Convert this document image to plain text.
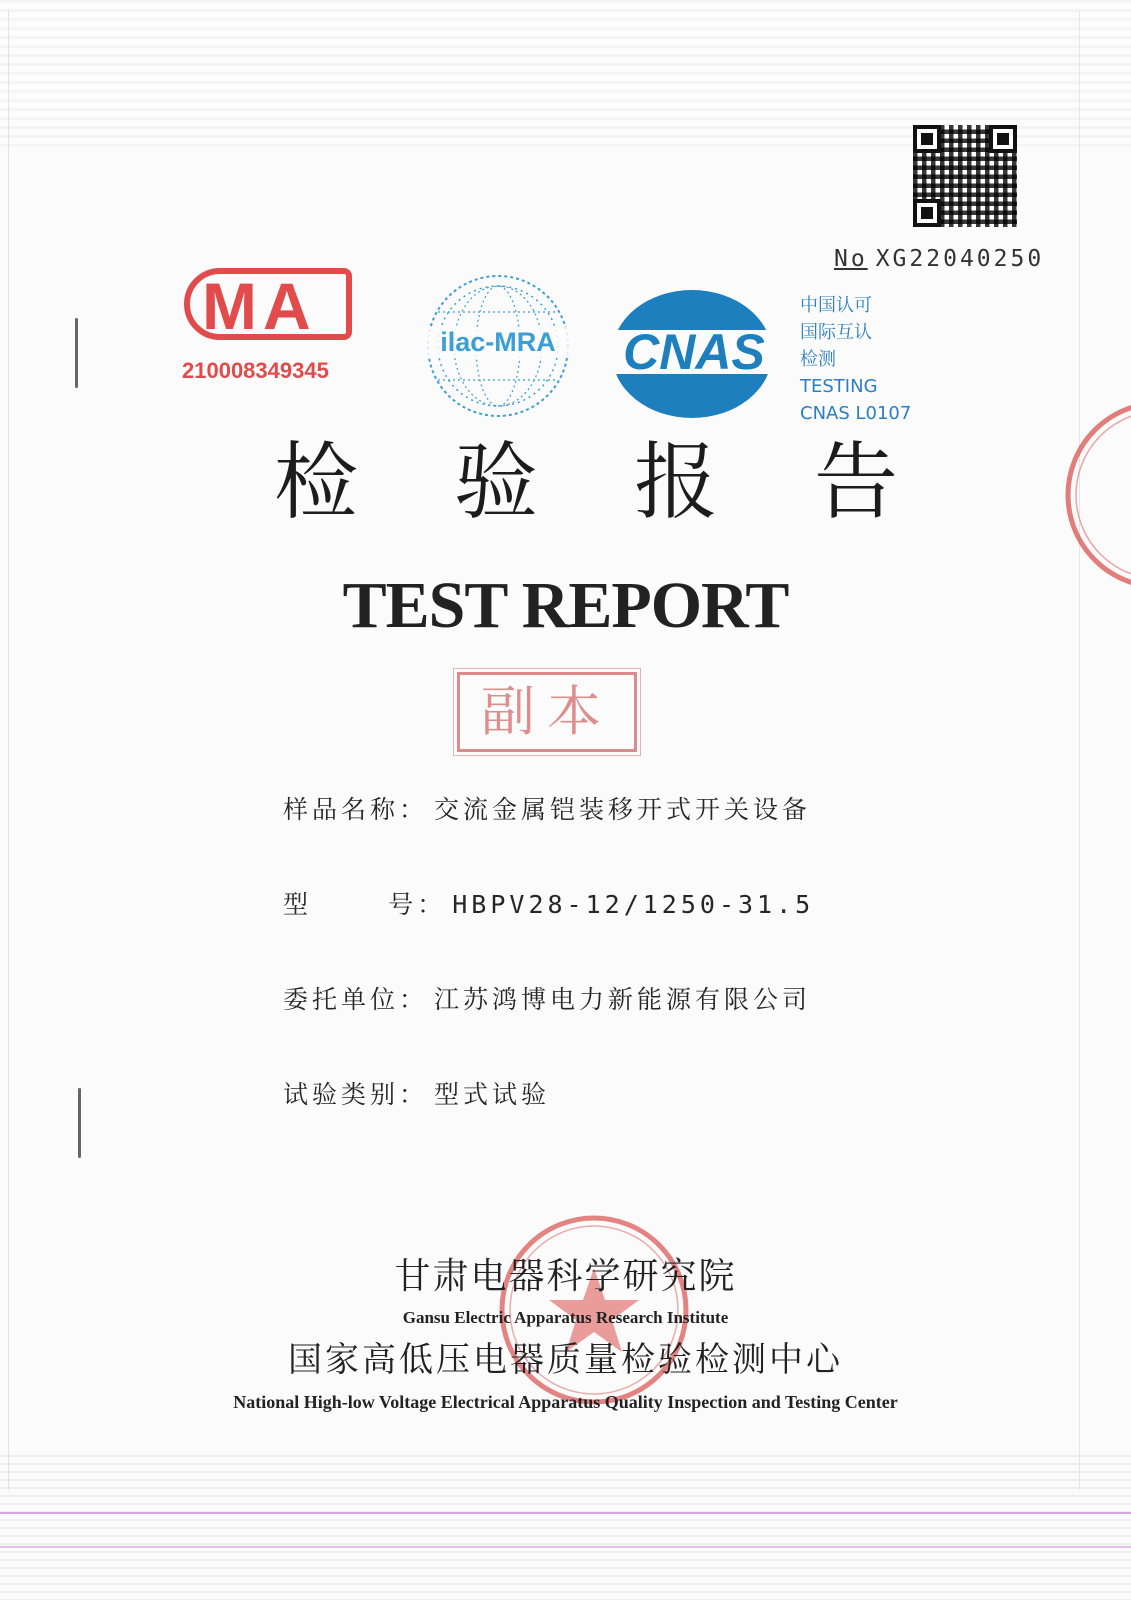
No XG22040250
MA
210008349345
ilac-MRA	CNAS
中国认可
国际互认
检测
TESTING
CNAS L0107
检验报告
TEST REPORT
副本
样品名称： 交流金属铠装移开式开关设备
型    号： HBPV28-12/1250-31.5
委托单位： 江苏鸿博电力新能源有限公司
试验类别： 型式试验
甘肃电器科学研究院
Gansu Electric Apparatus Research Institute
国家高低压电器质量检验检测中心
National High-low Voltage Electrical Apparatus Quality Inspection and Testing Center
